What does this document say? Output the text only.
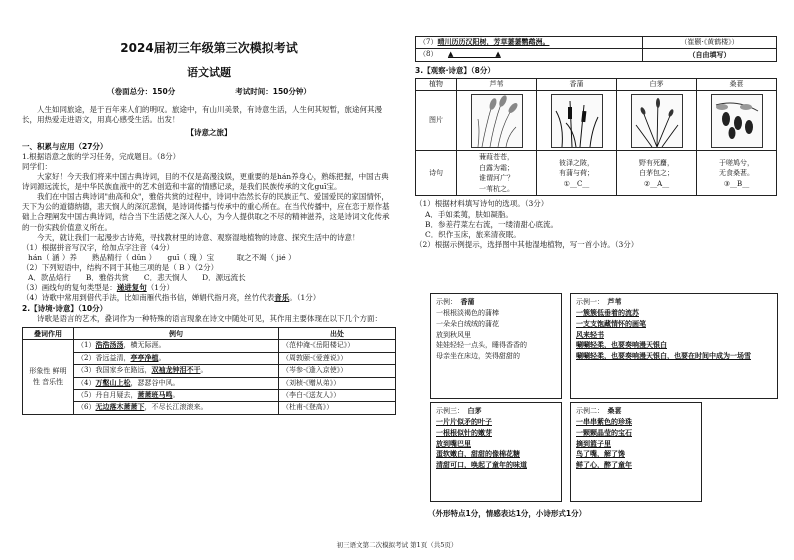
2024届初三年级第三次模拟考试
语文试题
（卷面总分：150分	考试时间：150分钟）

人生如同旅途，是于百年来人们的明叹。旅途中，有山川美景，有诗意生活，人生何其短暂，旅途何其漫长，用热爱走进语文，用真心感受生活。出发！

【诗意之旅】

一、积累与应用（27分）

1.根据语意之旅的学习任务，完成题目。（8分）

同学们：

大家好！今天我们将来中国古典诗词，目的不仅是高漫浅娱，更重要的是hán养身心，熟练把握，中国古典诗词源远流长，是中华民族血液中的艺术创造和丰富的情感记录，是我们民族传承的文化guī宝。

我们在中国古典诗词"曲高和众"，雅俗共赏的过程中，诗词中浩然长存的民族正气、爱国爱民的家国情怀，天下为公的道德纳德，悲天悯人的深沉悲悯，是诗词传播与传承中的重心所在。在当代传播中，应在恋于原作基础上合理阐发中国古典诗词，结合当下生活使之深入人心，为今人提供取之不尽的精神滋养，这是诗词文化传承的一份实践价值意义所在。

今天，就让我们一起漫步古诗苑，寻找教材里的诗意、观察湿地植物的诗意、探究生活中的诗意！

（1）根据拼音写汉字，给加点字注音（4分）

hán（ 涵 ）养　　熟品精行（ dǔn ）　　guī（ 瑰 ）宝　　　取之不竭（ jié ）

（2）下列短语中，结构不同于其他三项的是（ B ）（2分）

A．款品焙行　　B．雅俗共赏　　C．悲天悯人　　D．源远流长

（3）画线句的复句类型是：递进复句（1分）

（4）诗歌中常用到借代手法，比如南雁代指书信，婵娟代指月亮，丝竹代表音乐。（1分）

2.【诗境·诗意】（10分）

诗歌是语言的艺术，叠词作为一种特殊的语言现象在诗文中随处可见，其作用主要体现在以下几个方面：

叠词作用	例句	出处
形象性 鲜明性 音乐性	（1）浩浩汤汤，横无际涯。	（范仲淹·《岳阳楼记》）
	（2）香远益清，亭亭净植。	（周敦颐·《爱莲说》）
	（3）我国家乡在路远，双袖龙钟泪不干。	（岑参·《逢入京使》）
	（4）万壑山上松，瑟瑟谷中风。	（刘桢·《赠从弟》）
	（5）丹自月疑去，萧萧班马鸣。	（李白·《送友人》）
	（6）无边落木萧萧下，不尽长江滚滚来。	（杜甫·《登高》）
（7）晴川历历汉阳树，芳草萋萋鹦鹉洲。	（崔颢·《黄鹤楼》）
（8）　　 ▲　　　　　　▲	（自由填写）

3.【观察·诗意】（8分）

植物	芦苇	香蒲	白茅	桑葚
图片	

诗句	蒹葭苍苍，
白露为霜；
谁谓河广？
一苇杭之。	彼泽之陂，
有蒲与荷；
①__C__	野有死麕，
白茅包之；
②__A__	于嗟鸠兮，
无食桑葚。
③__B__

（1）根据材料填写诗句的选项。（3分）

A．手如柔荑，肤如凝脂。

B．参差荇菜左右流，一缕清甜心底流。

C．织作玉床，旅来清夜眠。

（2）根据示例提示，选择图中其他湿地植物，写一首小诗。（3分）

示例：　 香蒲
一根根淡褐色的蒲棒
一朵朵白绒绒的蒲花
放到秋风里
娃娃轻轻一点头，睡得香香的
母亲坐在床边，笑得甜甜的
示例一：　 芦苇
一簇簇低垂着的流苏
一支支饱藏情怀的画笔
风来轻书
唰唰轻柔，也要奏响漫天银白
唰唰轻柔，也要奏响漫天银白，也要在时间中成为一场雪
示例三：　 白茅
一片片似矛的叶子
一根根似针的嫩芽
放到嘴巴里
蛋软嫩白，甜甜的像棉花糖
清甜可口，唤起了童年的味道
示例二：　 桑葚
一串串紫色的珍珠
一颗颗晶莹的宝石
摘到篮子里
鸟了嘴，解了馋
鲜了心，醉了童年
（外形特点1分，情感表达1分，小诗形式1分）
初三语文第二次模拟考试 第1页（共5页）
